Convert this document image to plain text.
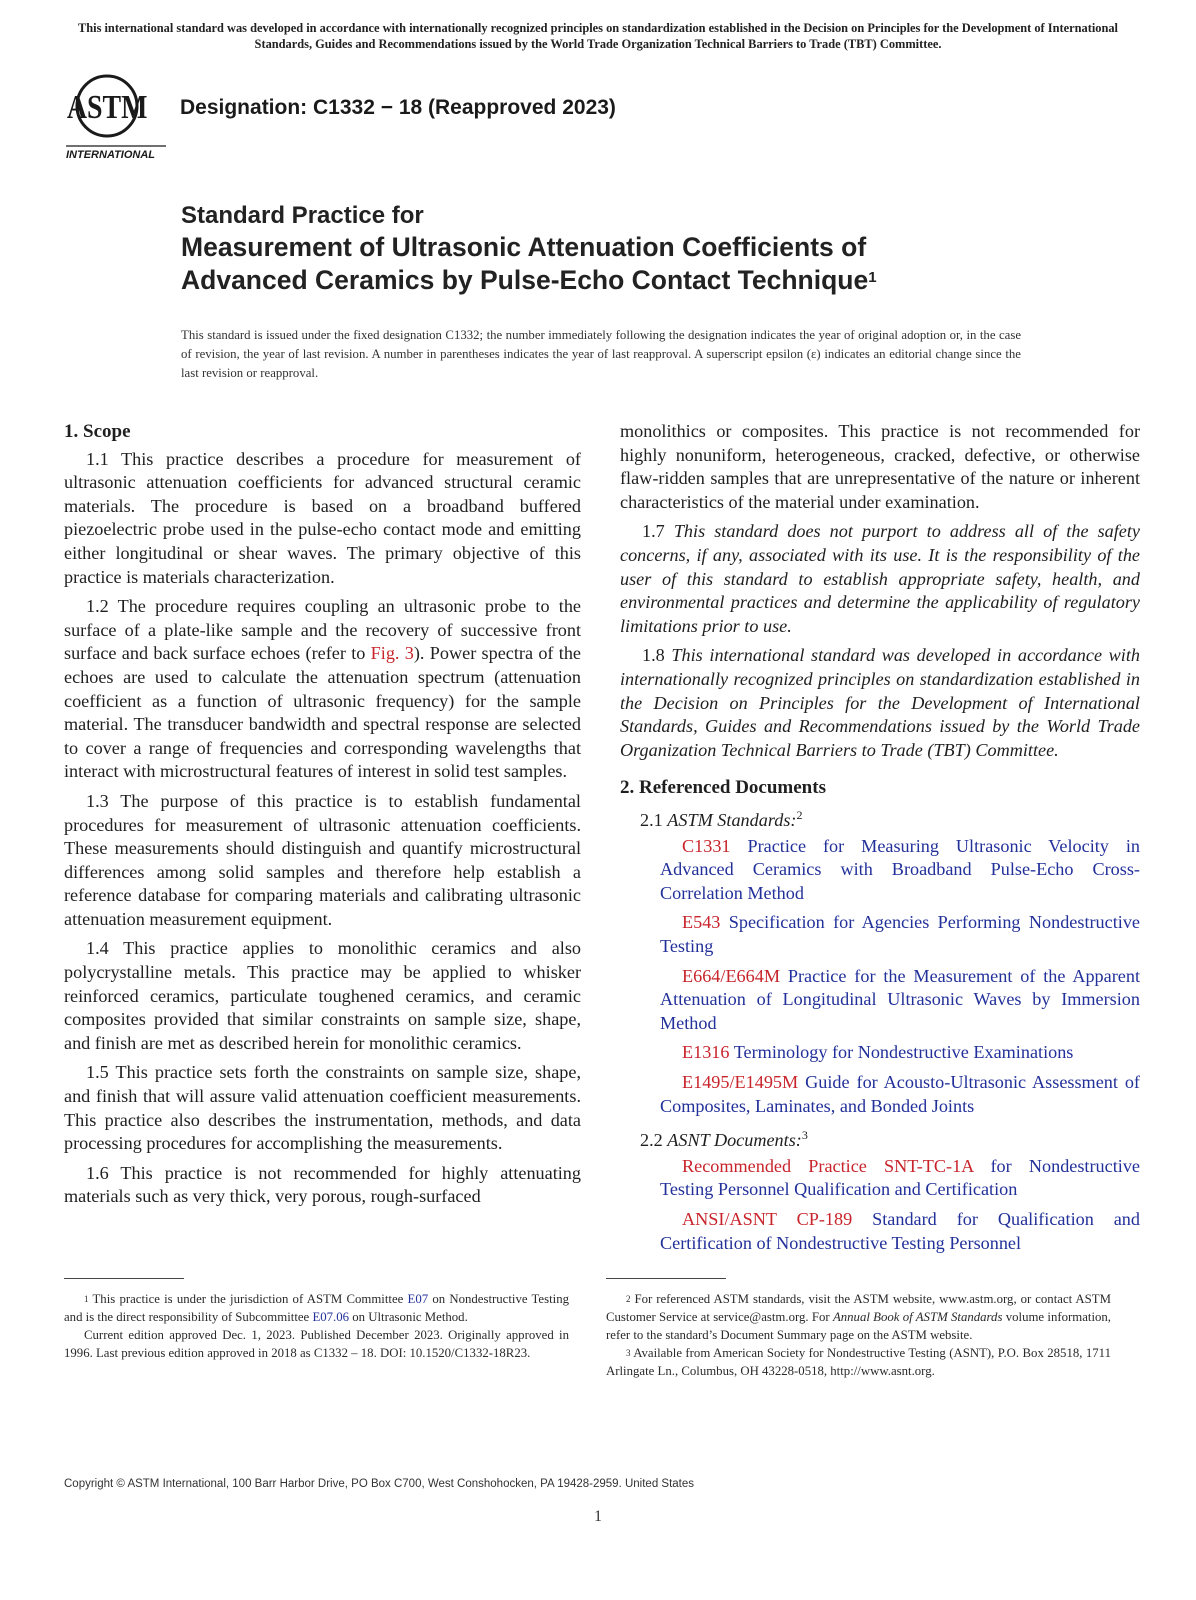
This international standard was developed in accordance with internationally recognized principles on standardization established in the Decision on Principles for the Development of International Standards, Guides and Recommendations issued by the World Trade Organization Technical Barriers to Trade (TBT) Committee.
ASTM
INTERNATIONAL
Designation: C1332 − 18 (Reapproved 2023)
Standard Practice for
Measurement of Ultrasonic Attenuation Coefficients of
Advanced Ceramics by Pulse-Echo Contact Technique$^1$
This standard is issued under the fixed designation C1332; the number immediately following the designation indicates the year of original adoption or, in the case of revision, the year of last revision. A number in parentheses indicates the year of last reapproval. A superscript epsilon (ε) indicates an editorial change since the last revision or reapproval.
1. Scope

1.1 This practice describes a procedure for measurement of ultrasonic attenuation coefficients for advanced structural ceramic materials. The procedure is based on a broadband buffered piezoelectric probe used in the pulse-echo contact mode and emitting either longitudinal or shear waves. The primary objective of this practice is materials characterization.

1.2 The procedure requires coupling an ultrasonic probe to the surface of a plate-like sample and the recovery of successive front surface and back surface echoes (refer to Fig. 3). Power spectra of the echoes are used to calculate the attenuation spectrum (attenuation coefficient as a function of ultrasonic frequency) for the sample material. The transducer bandwidth and spectral response are selected to cover a range of frequencies and corresponding wavelengths that interact with microstructural features of interest in solid test samples.

1.3 The purpose of this practice is to establish fundamental procedures for measurement of ultrasonic attenuation coefficients. These measurements should distinguish and quantify microstructural differences among solid samples and therefore help establish a reference database for comparing materials and calibrating ultrasonic attenuation measurement equipment.

1.4 This practice applies to monolithic ceramics and also polycrystalline metals. This practice may be applied to whisker reinforced ceramics, particulate toughened ceramics, and ceramic composites provided that similar constraints on sample size, shape, and finish are met as described herein for monolithic ceramics.

1.5 This practice sets forth the constraints on sample size, shape, and finish that will assure valid attenuation coefficient measurements. This practice also describes the instrumentation, methods, and data processing procedures for accomplishing the measurements.

1.6 This practice is not recommended for highly attenuating materials such as very thick, very porous, rough-surfaced

monolithics or composites. This practice is not recommended for highly nonuniform, heterogeneous, cracked, defective, or otherwise flaw-ridden samples that are unrepresentative of the nature or inherent characteristics of the material under examination.

1.7 This standard does not purport to address all of the safety concerns, if any, associated with its use. It is the responsibility of the user of this standard to establish appropriate safety, health, and environmental practices and determine the applicability of regulatory limitations prior to use.

1.8 This international standard was developed in accordance with internationally recognized principles on standardization established in the Decision on Principles for the Development of International Standards, Guides and Recommendations issued by the World Trade Organization Technical Barriers to Trade (TBT) Committee.

2. Referenced Documents
2.1 ASTM Standards:$^2$

C1331 Practice for Measuring Ultrasonic Velocity in Advanced Ceramics with Broadband Pulse-Echo Cross-Correlation Method

E543 Specification for Agencies Performing Nondestructive Testing

E664/E664M Practice for the Measurement of the Apparent Attenuation of Longitudinal Ultrasonic Waves by Immersion Method

E1316 Terminology for Nondestructive Examinations

E1495/E1495M Guide for Acousto-Ultrasonic Assessment of Composites, Laminates, and Bonded Joints

2.2 ASNT Documents:$^3$

Recommended Practice SNT-TC-1A for Nondestructive Testing Personnel Qualification and Certification

ANSI/ASNT CP-189 Standard for Qualification and Certification of Nondestructive Testing Personnel

$^1$ This practice is under the jurisdiction of ASTM Committee E07 on Nondestructive Testing and is the direct responsibility of Subcommittee E07.06 on Ultrasonic Method.

Current edition approved Dec. 1, 2023. Published December 2023. Originally approved in 1996. Last previous edition approved in 2018 as C1332 – 18. DOI: 10.1520/C1332-18R23.

$^2$ For referenced ASTM standards, visit the ASTM website, www.astm.org, or contact ASTM Customer Service at service@astm.org. For Annual Book of ASTM Standards volume information, refer to the standard’s Document Summary page on the ASTM website.

$^3$ Available from American Society for Nondestructive Testing (ASNT), P.O. Box 28518, 1711 Arlingate Ln., Columbus, OH 43228-0518, http://www.asnt.org.

Copyright © ASTM International, 100 Barr Harbor Drive, PO Box C700, West Conshohocken, PA 19428-2959. United States
1
